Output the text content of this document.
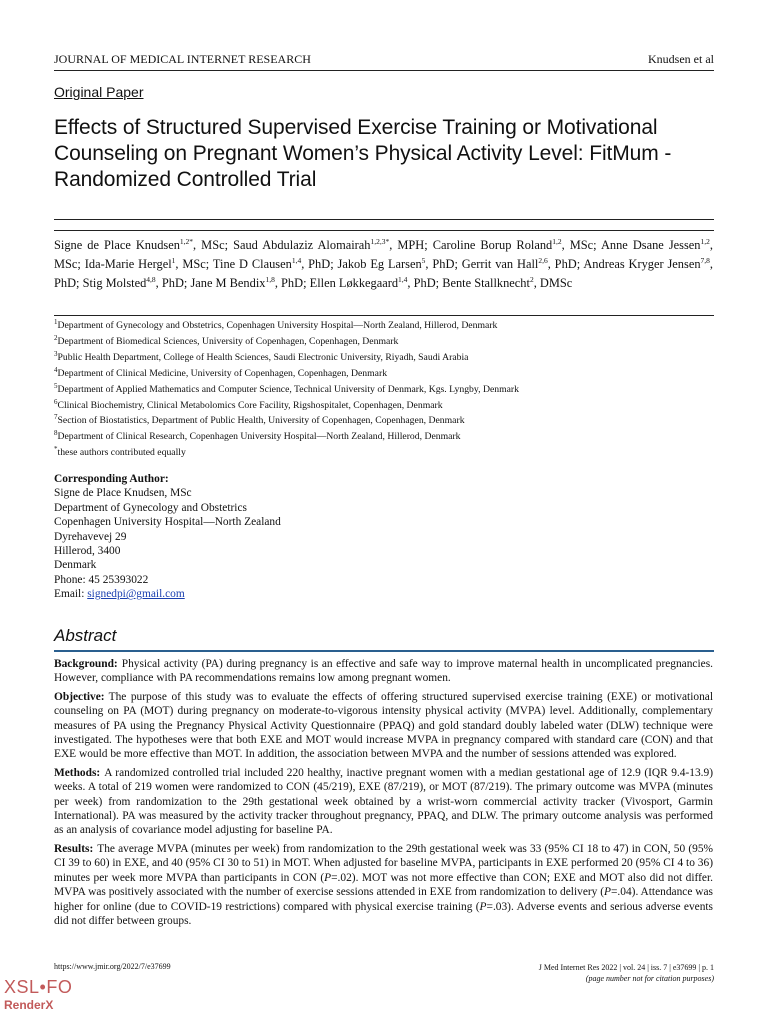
JOURNAL OF MEDICAL INTERNET RESEARCH	Knudsen et al
Original Paper
Effects of Structured Supervised Exercise Training or Motivational Counseling on Pregnant Women’s Physical Activity Level: FitMum - Randomized Controlled Trial

Signe de Place Knudsen$^{1,2*}$, MSc; Saud Abdulaziz Alomairah$^{1,2,3*}$, MPH; Caroline Borup Roland$^{1,2}$, MSc; Anne Dsane Jessen$^{1,2}$, MSc; Ida-Marie Hergel$^1$, MSc; Tine D Clausen$^{1,4}$, PhD; Jakob Eg Larsen$^5$, PhD; Gerrit van Hall$^{2,6}$, PhD; Andreas Kryger Jensen$^{7,8}$, PhD; Stig Molsted$^{4,8}$, PhD; Jane M Bendix$^{1,8}$, PhD; Ellen Løkkegaard$^{1,4}$, PhD; Bente Stallknecht$^2$, DMSc

$^1$Department of Gynecology and Obstetrics, Copenhagen University Hospital—North Zealand, Hillerod, Denmark
$^2$Department of Biomedical Sciences, University of Copenhagen, Copenhagen, Denmark
$^3$Public Health Department, College of Health Sciences, Saudi Electronic University, Riyadh, Saudi Arabia
$^4$Department of Clinical Medicine, University of Copenhagen, Copenhagen, Denmark
$^5$Department of Applied Mathematics and Computer Science, Technical University of Denmark, Kgs. Lyngby, Denmark
$^6$Clinical Biochemistry, Clinical Metabolomics Core Facility, Rigshospitalet, Copenhagen, Denmark
$^7$Section of Biostatistics, Department of Public Health, University of Copenhagen, Copenhagen, Denmark
$^8$Department of Clinical Research, Copenhagen University Hospital—North Zealand, Hillerod, Denmark
*these authors contributed equally
Corresponding Author:
Signe de Place Knudsen, MSc
Department of Gynecology and Obstetrics
Copenhagen University Hospital—North Zealand
Dyrehavevej 29
Hillerod, 3400
Denmark
Phone: 45 25393022
Email: signedpi@gmail.com
Abstract

Background: Physical activity (PA) during pregnancy is an effective and safe way to improve maternal health in uncomplicated pregnancies. However, compliance with PA recommendations remains low among pregnant women.

Objective: The purpose of this study was to evaluate the effects of offering structured supervised exercise training (EXE) or motivational counseling on PA (MOT) during pregnancy on moderate-to-vigorous intensity physical activity (MVPA) level. Additionally, complementary measures of PA using the Pregnancy Physical Activity Questionnaire (PPAQ) and gold standard doubly labeled water (DLW) technique were investigated. The hypotheses were that both EXE and MOT would increase MVPA in pregnancy compared with standard care (CON) and that EXE would be more effective than MOT. In addition, the association between MVPA and the number of sessions attended was explored.

Methods: A randomized controlled trial included 220 healthy, inactive pregnant women with a median gestational age of 12.9 (IQR 9.4-13.9) weeks. A total of 219 women were randomized to CON (45/219), EXE (87/219), or MOT (87/219). The primary outcome was MVPA (minutes per week) from randomization to the 29th gestational week obtained by a wrist-worn commercial activity tracker (Vivosport, Garmin International). PA was measured by the activity tracker throughout pregnancy, PPAQ, and DLW. The primary outcome analysis was performed as an analysis of covariance model adjusting for baseline PA.

Results: The average MVPA (minutes per week) from randomization to the 29th gestational week was 33 (95% CI 18 to 47) in CON, 50 (95% CI 39 to 60) in EXE, and 40 (95% CI 30 to 51) in MOT. When adjusted for baseline MVPA, participants in EXE performed 20 (95% CI 4 to 36) minutes per week more MVPA than participants in CON (P=.02). MOT was not more effective than CON; EXE and MOT also did not differ. MVPA was positively associated with the number of exercise sessions attended in EXE from randomization to delivery (P=.04). Attendance was higher for online (due to COVID-19 restrictions) compared with physical exercise training (P=.03). Adverse events and serious adverse events did not differ between groups.

https://www.jmir.org/2022/7/e37699	J Med Internet Res 2022 | vol. 24 | iss. 7 | e37699 | p. 1
(page number not for citation purposes)
XSL•FO
RenderX
